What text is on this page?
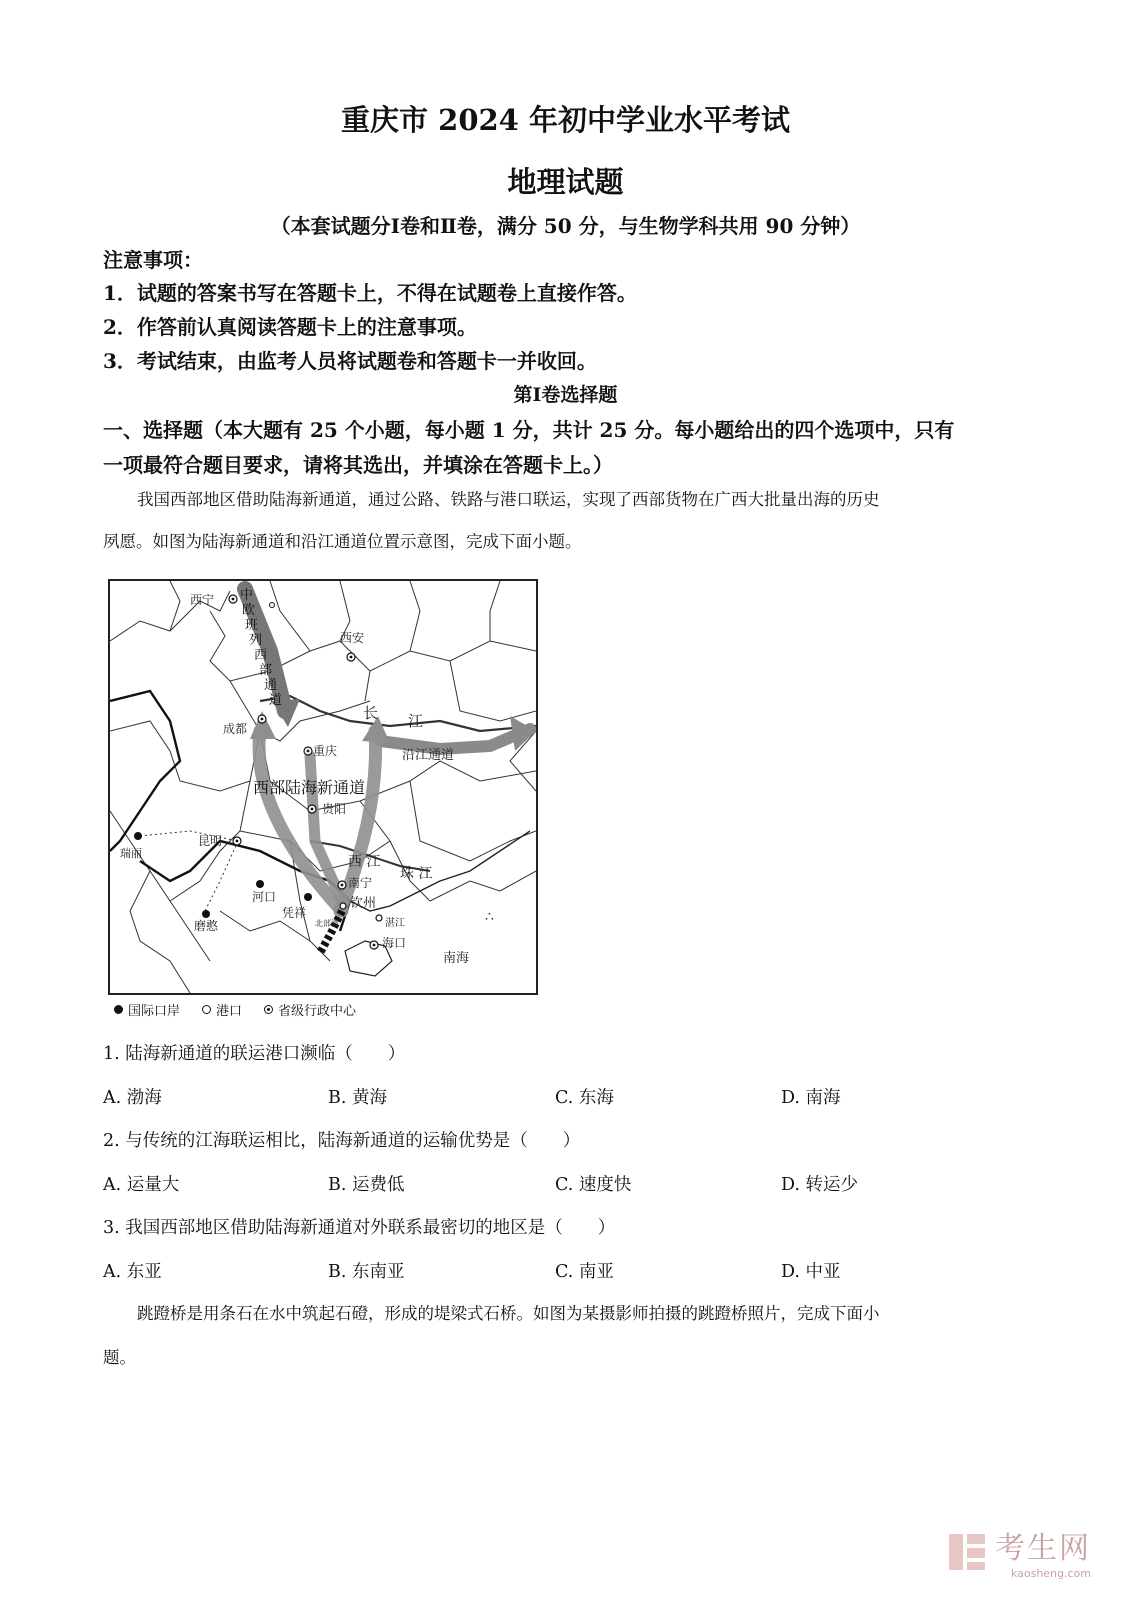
重庆市 2024 年初中学业水平考试
地理试题
（本套试题分Ⅰ卷和Ⅱ卷，满分 50 分，与生物学科共用 90 分钟）
注意事项：
1．试题的答案书写在答题卡上，不得在试题卷上直接作答。
2．作答前认真阅读答题卡上的注意事项。
3．考试结束，由监考人员将试题卷和答题卡一并收回。
第Ⅰ卷选择题
一、选择题（本大题有 25 个小题，每小题 1 分，共计 25 分。每小题给出的四个选项中，只有
一项最符合题目要求，请将其选出，并填涂在答题卡上。）
我国西部地区借助陆海新通道，通过公路、铁路与港口联运，实现了西部货物在广西大批量出海的历史
夙愿。如图为陆海新通道和沿江通道位置示意图，完成下面小题。
西宁
西安
成都
重庆
贵阳
昆明
瑞丽
河口
磨憨
凭祥
南宁
钦州
湛江
海口
北部湾
南海
长 江
沿江通道
西 江
珠 江
西部陆海新通道
中
欧
班
列
西
部
通
道
∴
国际口岸	港口	省级行政中心
1. 陆海新通道的联运港口濒临（　　）
A. 渤海	B. 黄海	C. 东海	D. 南海
2. 与传统的江海联运相比，陆海新通道的运输优势是（　　）
A. 运量大	B. 运费低	C. 速度快	D. 转运少
3. 我国西部地区借助陆海新通道对外联系最密切的地区是（　　）
A. 东亚	B. 东南亚	C. 南亚	D. 中亚
跳蹬桥是用条石在水中筑起石磴，形成的堤梁式石桥。如图为某摄影师拍摄的跳蹬桥照片，完成下面小
题。
考生网
kaosheng.com
